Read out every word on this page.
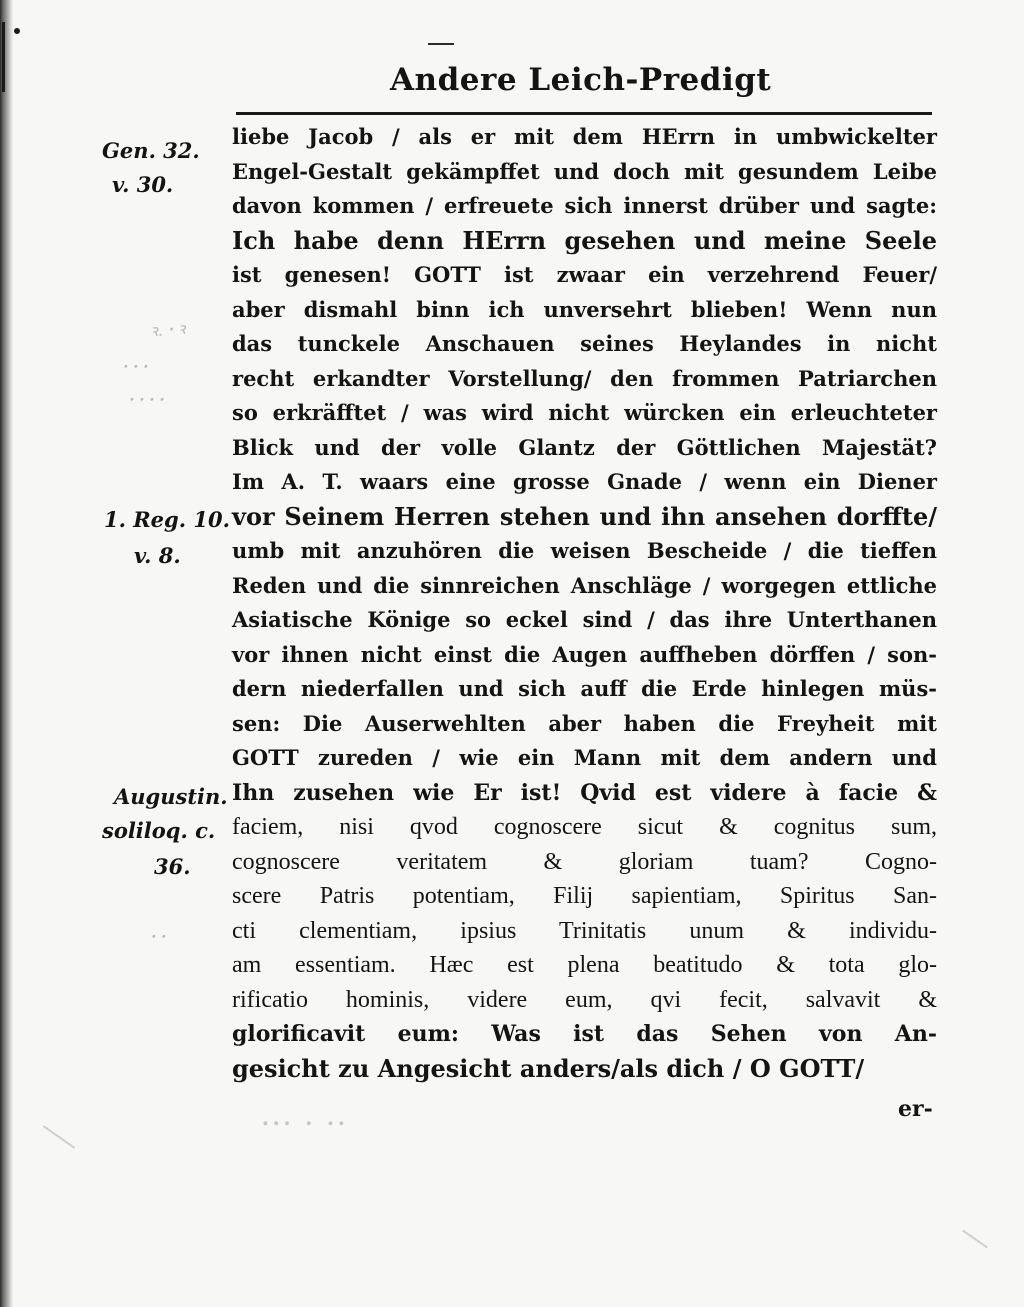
Andere Leich-Predigt
ꝛ. ꞏ ꝛ
ꞏ ꞏ ꞏ
ꞏ ꞏ ꞏ ꞏ
ꞏ ꞏ
Gen. 32.
v. 30.
1. Reg. 10.
v. 8.
Augustin.
soliloq. c.
36.
liebe Jacob / als er mit dem HErrn in umbwickelter
Engel-Gestalt gekämpffet und doch mit gesundem Leibe
davon kommen / erfreuete sich innerst drüber und sagte:
Ich habe denn HErrn gesehen und meine Seele
ist genesen! GOTT ist zwaar ein verzehrend Feuer/
aber dismahl binn ich unversehrt blieben! Wenn nun
das tunckele Anschauen seines Heylandes in nicht
recht erkandter Vorstellung/ den frommen Patriarchen
so erkräfftet / was wird nicht würcken ein erleuchteter
Blick und der volle Glantz der Göttlichen Majestät?
Im A. T. waars eine grosse Gnade / wenn ein Diener
vor Seinem Herren stehen und ihn ansehen dorffte/
umb mit anzuhören die weisen Bescheide / die tieffen
Reden und die sinnreichen Anschläge / worgegen ettliche
Asiatische Könige so eckel sind / das ihre Unterthanen
vor ihnen nicht einst die Augen auffheben dörffen / son-
dern niederfallen und sich auff die Erde hinlegen müs-
sen: Die Auserwehlten aber haben die Freyheit mit
GOTT zureden / wie ein Mann mit dem andern und
Ihn zusehen wie Er ist! Qvid est videre à facie &
faciem, nisi qvod cognoscere sicut & cognitus sum,
cognoscere veritatem & gloriam tuam? Cogno-
scere Patris potentiam, Filij sapientiam, Spiritus San-
cti clementiam, ipsius Trinitatis unum & individu-
am essentiam. Hæc est plena beatitudo & tota glo-
rificatio hominis, videre eum, qvi fecit, salvavit &
glorificavit eum: Was ist das Sehen von An-
gesicht zu Angesicht anders/als dich / O GOTT/
ꞏꞏꞏ ꞏ ꞏꞏ
er-
